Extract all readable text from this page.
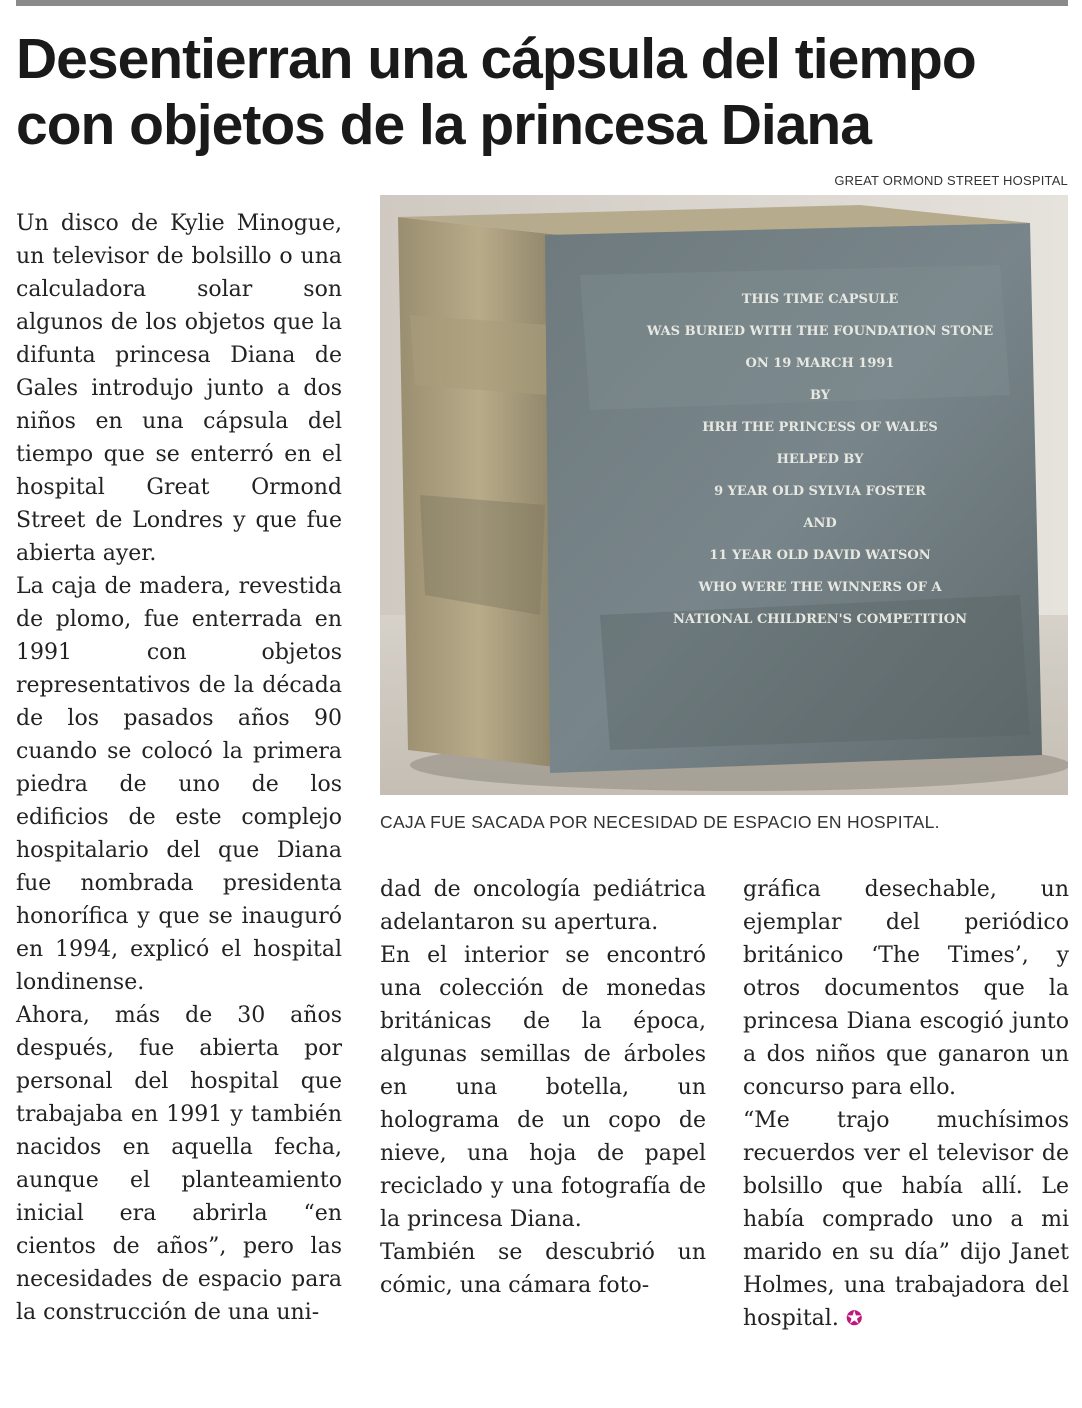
Desentierran una cápsula del tiempo con objetos de la princesa Diana
GREAT ORMOND STREET HOSPITAL
THIS TIME CAPSULE
WAS BURIED WITH THE FOUNDATION STONE
ON 19 MARCH 1991
BY
HRH THE PRINCESS OF WALES
HELPED BY
9 YEAR OLD SYLVIA FOSTER
AND
11 YEAR OLD DAVID WATSON
WHO WERE THE WINNERS OF A
NATIONAL CHILDREN'S COMPETITION
CAJA FUE SACADA POR NECESIDAD DE ESPACIO EN HOSPITAL.

Un disco de Kylie Minogue, un televisor de bolsillo o una calculadora solar son algunos de los objetos que la difunta princesa Diana de Gales introdujo junto a dos niños en una cápsula del tiempo que se enterró en el hospital Great Ormond Street de Londres y que fue abierta ayer.

La caja de madera, revestida de plomo, fue enterrada en 1991 con objetos representativos de la década de los pasados años 90 cuando se colocó la primera piedra de uno de los edificios de este complejo hospitalario del que Diana fue nombrada presidenta honorífica y que se inauguró en 1994, explicó el hospital londinense.

Ahora, más de 30 años después, fue abierta por personal del hospital que trabajaba en 1991 y también nacidos en aquella fecha, aunque el planteamiento inicial era abrirla “en cientos de años”, pero las necesidades de espacio para la construcción de una uni-

dad de oncología pediátrica adelantaron su apertura.

En el interior se encontró una colección de monedas británicas de la época, algunas semillas de árboles en una botella, un holograma de un copo de nieve, una hoja de papel reciclado y una fotografía de la princesa Diana.

También se descubrió un cómic, una cámara foto-

gráfica desechable, un ejemplar del periódico británico ‘The Times’, y otros documentos que la princesa Diana escogió junto a dos niños que ganaron un concurso para ello.

“Me trajo muchísimos recuerdos ver el televisor de bolsillo que había allí. Le había comprado uno a mi marido en su día” dijo Janet Holmes, una trabajadora del hospital. ✪
